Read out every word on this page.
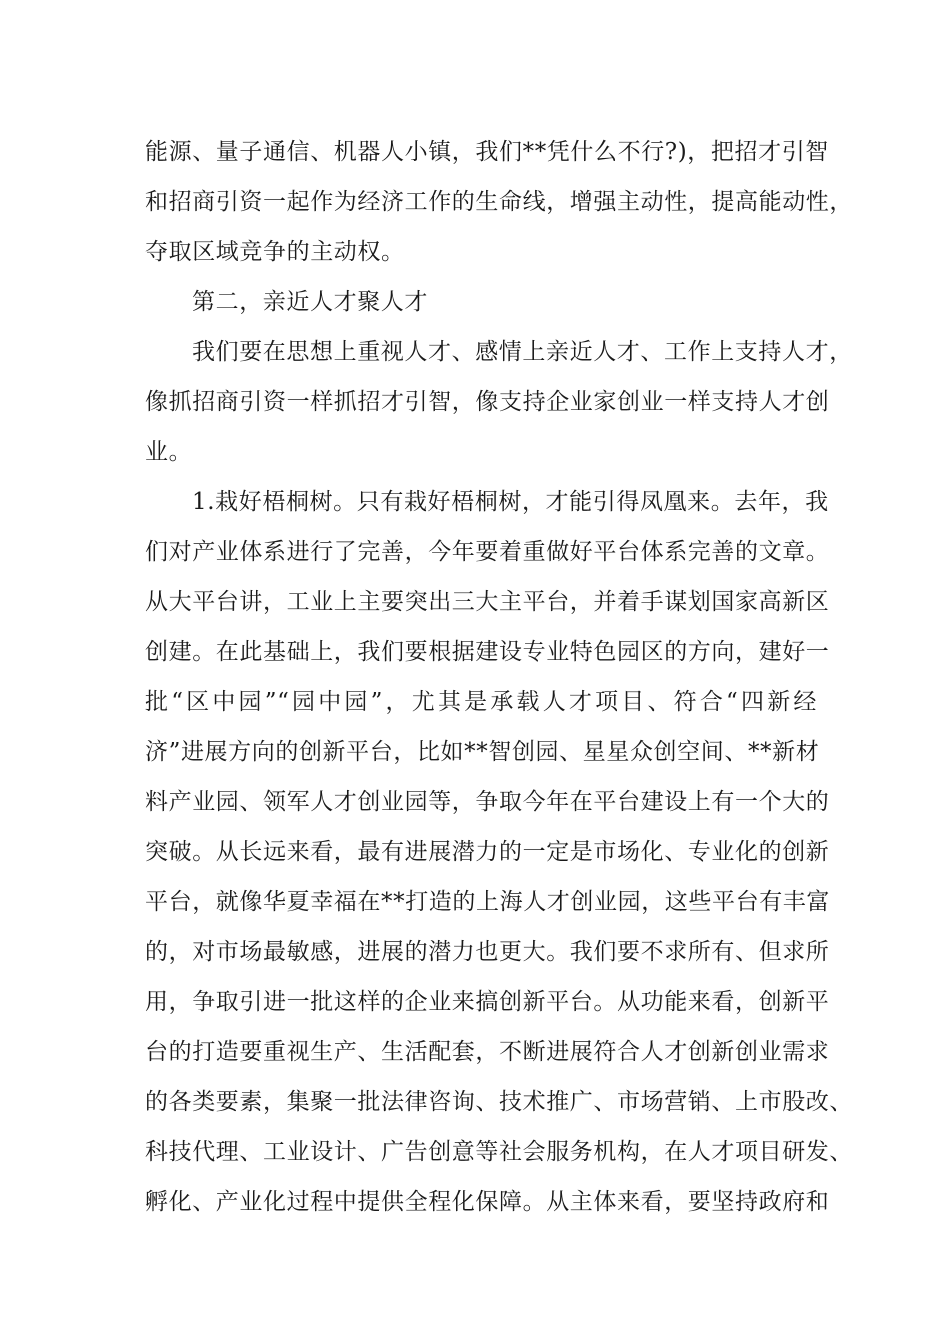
能源、量子通信、机器人小镇，我们**凭什么不行?)，把招才引智
和招商引资一起作为经济工作的生命线，增强主动性，提高能动性，
夺取区域竞争的主动权。
第二，亲近人才聚人才
我们要在思想上重视人才、感情上亲近人才、工作上支持人才，
像抓招商引资一样抓招才引智，像支持企业家创业一样支持人才创
业。
1.栽好梧桐树。只有栽好梧桐树，才能引得凤凰来。去年，我
们对产业体系进行了完善，今年要着重做好平台体系完善的文章。
从大平台讲，工业上主要突出三大主平台，并着手谋划国家高新区
创建。在此基础上，我们要根据建设专业特色园区的方向，建好一
批“区中园”“园中园”，尤其是承载人才项目、符合“四新经
济”进展方向的创新平台，比如**智创园、星星众创空间、**新材
料产业园、领军人才创业园等，争取今年在平台建设上有一个大的
突破。从长远来看，最有进展潜力的一定是市场化、专业化的创新
平台，就像华夏幸福在**打造的上海人才创业园，这些平台有丰富
的，对市场最敏感，进展的潜力也更大。我们要不求所有、但求所
用，争取引进一批这样的企业来搞创新平台。从功能来看，创新平
台的打造要重视生产、生活配套，不断进展符合人才创新创业需求
的各类要素，集聚一批法律咨询、技术推广、市场营销、上市股改、
科技代理、工业设计、广告创意等社会服务机构，在人才项目研发、
孵化、产业化过程中提供全程化保障。从主体来看，要坚持政府和
